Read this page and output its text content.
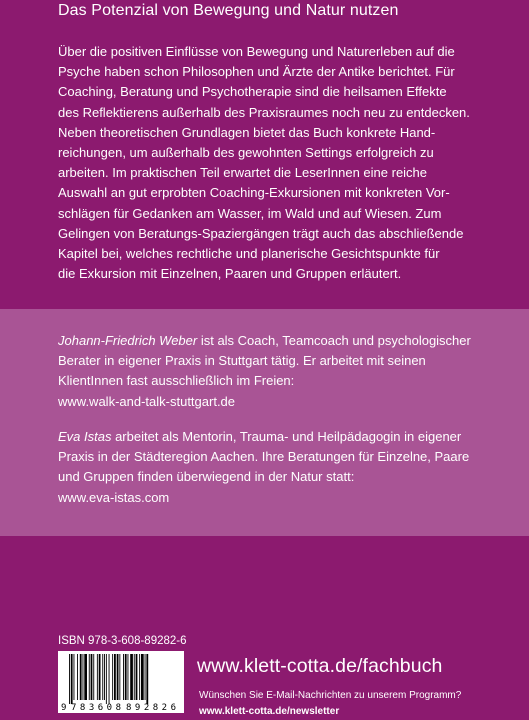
Das Potenzial von Bewegung und Natur nutzen

Über die positiven Einflüsse von Bewegung und Naturerleben auf die

Psyche haben schon Philosophen und Ärzte der Antike berichtet. Für

Coaching, Beratung und Psychotherapie sind die heilsamen Effekte

des Reflektierens außerhalb des Praxisraumes noch neu zu entdecken.

Neben theoretischen Grundlagen bietet das Buch konkrete Hand-

reichungen, um außerhalb des gewohnten Settings erfolgreich zu

arbeiten. Im praktischen Teil erwartet die LeserInnen eine reiche

Auswahl an gut erprobten Coaching-Exkursionen mit konkreten Vor-

schlägen für Gedanken am Wasser, im Wald und auf Wiesen. Zum

Gelingen von Beratungs-Spaziergängen trägt auch das abschließende

Kapitel bei, welches rechtliche und planerische Gesichtspunkte für

die Exkursion mit Einzelnen, Paaren und Gruppen erläutert.

Johann-Friedrich Weber ist als Coach, Teamcoach und psychologischer
Berater in eigener Praxis in Stuttgart tätig. Er arbeitet mit seinen
KlientInnen fast ausschließlich im Freien:
www.walk-and-talk-stuttgart.de
Eva Istas arbeitet als Mentorin, Trauma- und Heilpädagogin in eigener
Praxis in der Städteregion Aachen. Ihre Beratungen für Einzelne, Paare
und Gruppen finden überwiegend in der Natur statt:
www.eva-istas.com
ISBN 978-3-608-89282-6
9 783608 892826
www.klett-cotta.de/fachbuch
Wünschen Sie E-Mail-Nachrichten zu unserem Programm?
www.klett-cotta.de/newsletter
